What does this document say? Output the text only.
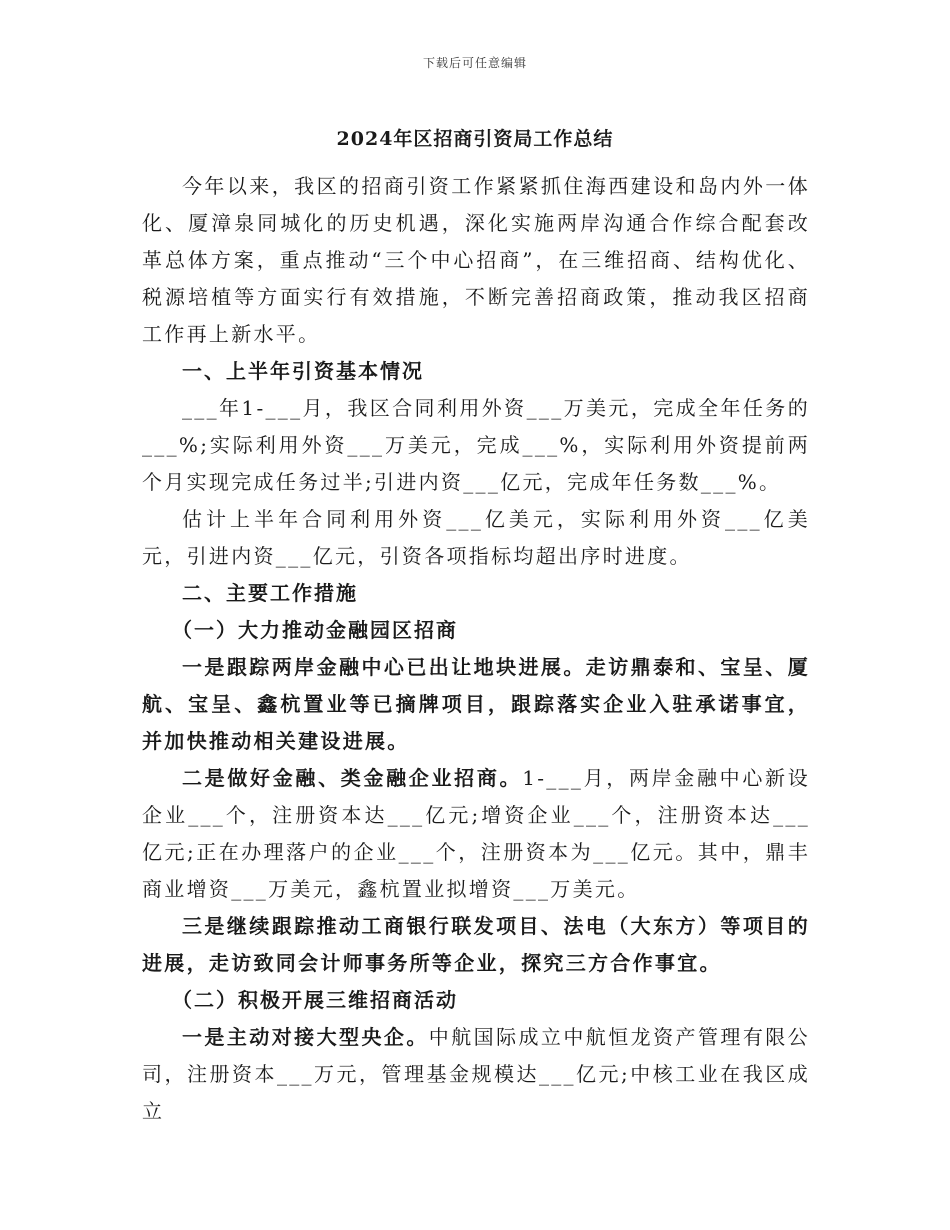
下载后可任意编辑
2024年区招商引资局工作总结

今年以来，我区的招商引资工作紧紧抓住海西建设和岛内外一体化、厦漳泉同城化的历史机遇，深化实施两岸沟通合作综合配套改革总体方案，重点推动“三个中心招商”，在三维招商、结构优化、税源培植等方面实行有效措施，不断完善招商政策，推动我区招商工作再上新水平。

一、上半年引资基本情况

___年1-___月，我区合同利用外资___万美元，完成全年任务的___%;实际利用外资___万美元，完成___%，实际利用外资提前两个月实现完成任务过半;引进内资___亿元，完成年任务数___%。

估计上半年合同利用外资___亿美元，实际利用外资___亿美元，引进内资___亿元，引资各项指标均超出序时进度。

二、主要工作措施

（一）大力推动金融园区招商

一是跟踪两岸金融中心已出让地块进展。走访鼎泰和、宝呈、厦航、宝呈、鑫杭置业等已摘牌项目，跟踪落实企业入驻承诺事宜，并加快推动相关建设进展。

二是做好金融、类金融企业招商。1-___月，两岸金融中心新设企业___个，注册资本达___亿元;增资企业___个，注册资本达___亿元;正在办理落户的企业___个，注册资本为___亿元。其中，鼎丰商业增资___万美元，鑫杭置业拟增资___万美元。

三是继续跟踪推动工商银行联发项目、法电（大东方）等项目的进展，走访致同会计师事务所等企业，探究三方合作事宜。

（二）积极开展三维招商活动

一是主动对接大型央企。中航国际成立中航恒龙资产管理有限公司，注册资本___万元，管理基金规模达___亿元;中核工业在我区成立
